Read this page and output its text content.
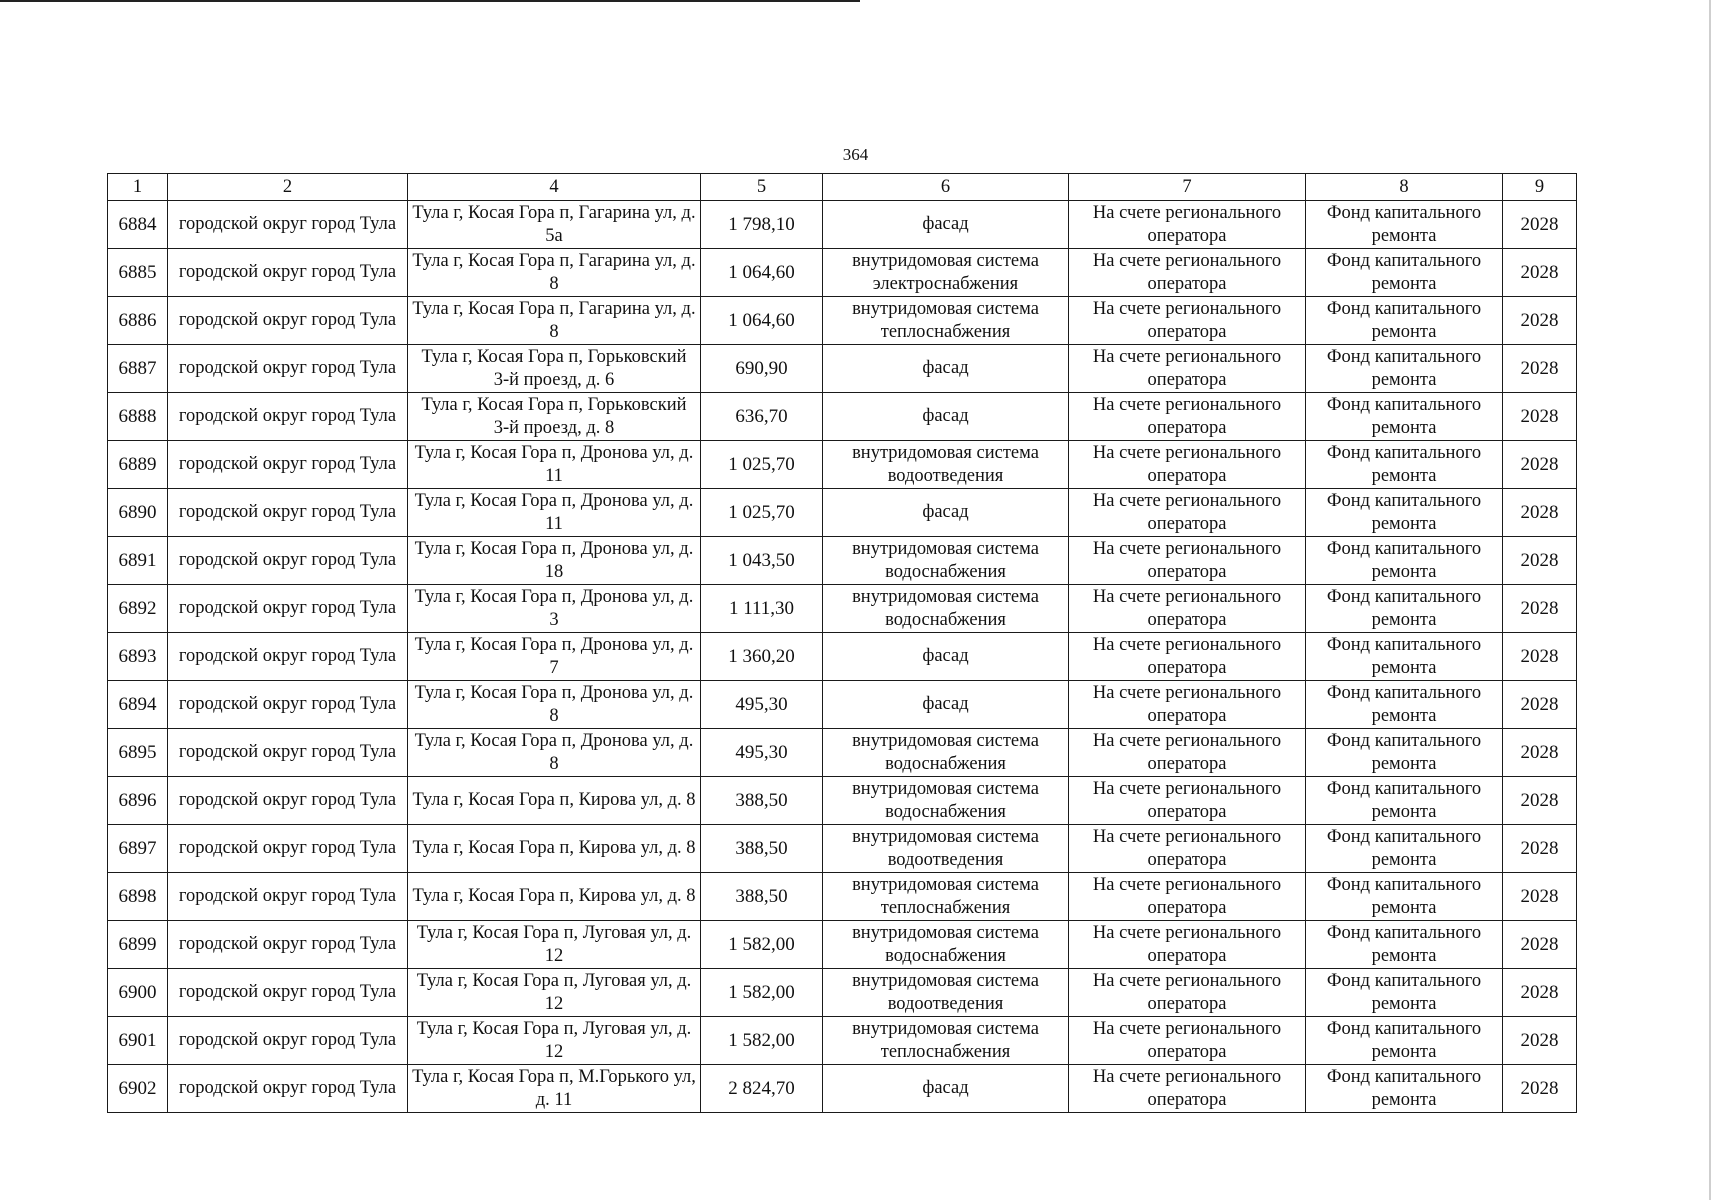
364
1	2	4	5	6	7	8	9
6884	городской округ город Тула	Тула г, Косая Гора п, Гагарина ул, д. 5а	1 798,10	фасад	На счете регионального оператора	Фонд капитального ремонта	2028
6885	городской округ город Тула	Тула г, Косая Гора п, Гагарина ул, д. 8	1 064,60	внутридомовая система электроснабжения	На счете регионального оператора	Фонд капитального ремонта	2028
6886	городской округ город Тула	Тула г, Косая Гора п, Гагарина ул, д. 8	1 064,60	внутридомовая система теплоснабжения	На счете регионального оператора	Фонд капитального ремонта	2028
6887	городской округ город Тула	Тула г, Косая Гора п, Горьковский 3-й проезд, д. 6	690,90	фасад	На счете регионального оператора	Фонд капитального ремонта	2028
6888	городской округ город Тула	Тула г, Косая Гора п, Горьковский 3-й проезд, д. 8	636,70	фасад	На счете регионального оператора	Фонд капитального ремонта	2028
6889	городской округ город Тула	Тула г, Косая Гора п, Дронова ул, д. 11	1 025,70	внутридомовая система водоотведения	На счете регионального оператора	Фонд капитального ремонта	2028
6890	городской округ город Тула	Тула г, Косая Гора п, Дронова ул, д. 11	1 025,70	фасад	На счете регионального оператора	Фонд капитального ремонта	2028
6891	городской округ город Тула	Тула г, Косая Гора п, Дронова ул, д. 18	1 043,50	внутридомовая система водоснабжения	На счете регионального оператора	Фонд капитального ремонта	2028
6892	городской округ город Тула	Тула г, Косая Гора п, Дронова ул, д. 3	1 111,30	внутридомовая система водоснабжения	На счете регионального оператора	Фонд капитального ремонта	2028
6893	городской округ город Тула	Тула г, Косая Гора п, Дронова ул, д. 7	1 360,20	фасад	На счете регионального оператора	Фонд капитального ремонта	2028
6894	городской округ город Тула	Тула г, Косая Гора п, Дронова ул, д. 8	495,30	фасад	На счете регионального оператора	Фонд капитального ремонта	2028
6895	городской округ город Тула	Тула г, Косая Гора п, Дронова ул, д. 8	495,30	внутридомовая система водоснабжения	На счете регионального оператора	Фонд капитального ремонта	2028
6896	городской округ город Тула	Тула г, Косая Гора п, Кирова ул, д. 8	388,50	внутридомовая система водоснабжения	На счете регионального оператора	Фонд капитального ремонта	2028
6897	городской округ город Тула	Тула г, Косая Гора п, Кирова ул, д. 8	388,50	внутридомовая система водоотведения	На счете регионального оператора	Фонд капитального ремонта	2028
6898	городской округ город Тула	Тула г, Косая Гора п, Кирова ул, д. 8	388,50	внутридомовая система теплоснабжения	На счете регионального оператора	Фонд капитального ремонта	2028
6899	городской округ город Тула	Тула г, Косая Гора п, Луговая ул, д. 12	1 582,00	внутридомовая система водоснабжения	На счете регионального оператора	Фонд капитального ремонта	2028
6900	городской округ город Тула	Тула г, Косая Гора п, Луговая ул, д. 12	1 582,00	внутридомовая система водоотведения	На счете регионального оператора	Фонд капитального ремонта	2028
6901	городской округ город Тула	Тула г, Косая Гора п, Луговая ул, д. 12	1 582,00	внутридомовая система теплоснабжения	На счете регионального оператора	Фонд капитального ремонта	2028
6902	городской округ город Тула	Тула г, Косая Гора п, М.Горького ул, д. 11	2 824,70	фасад	На счете регионального оператора	Фонд капитального ремонта	2028
